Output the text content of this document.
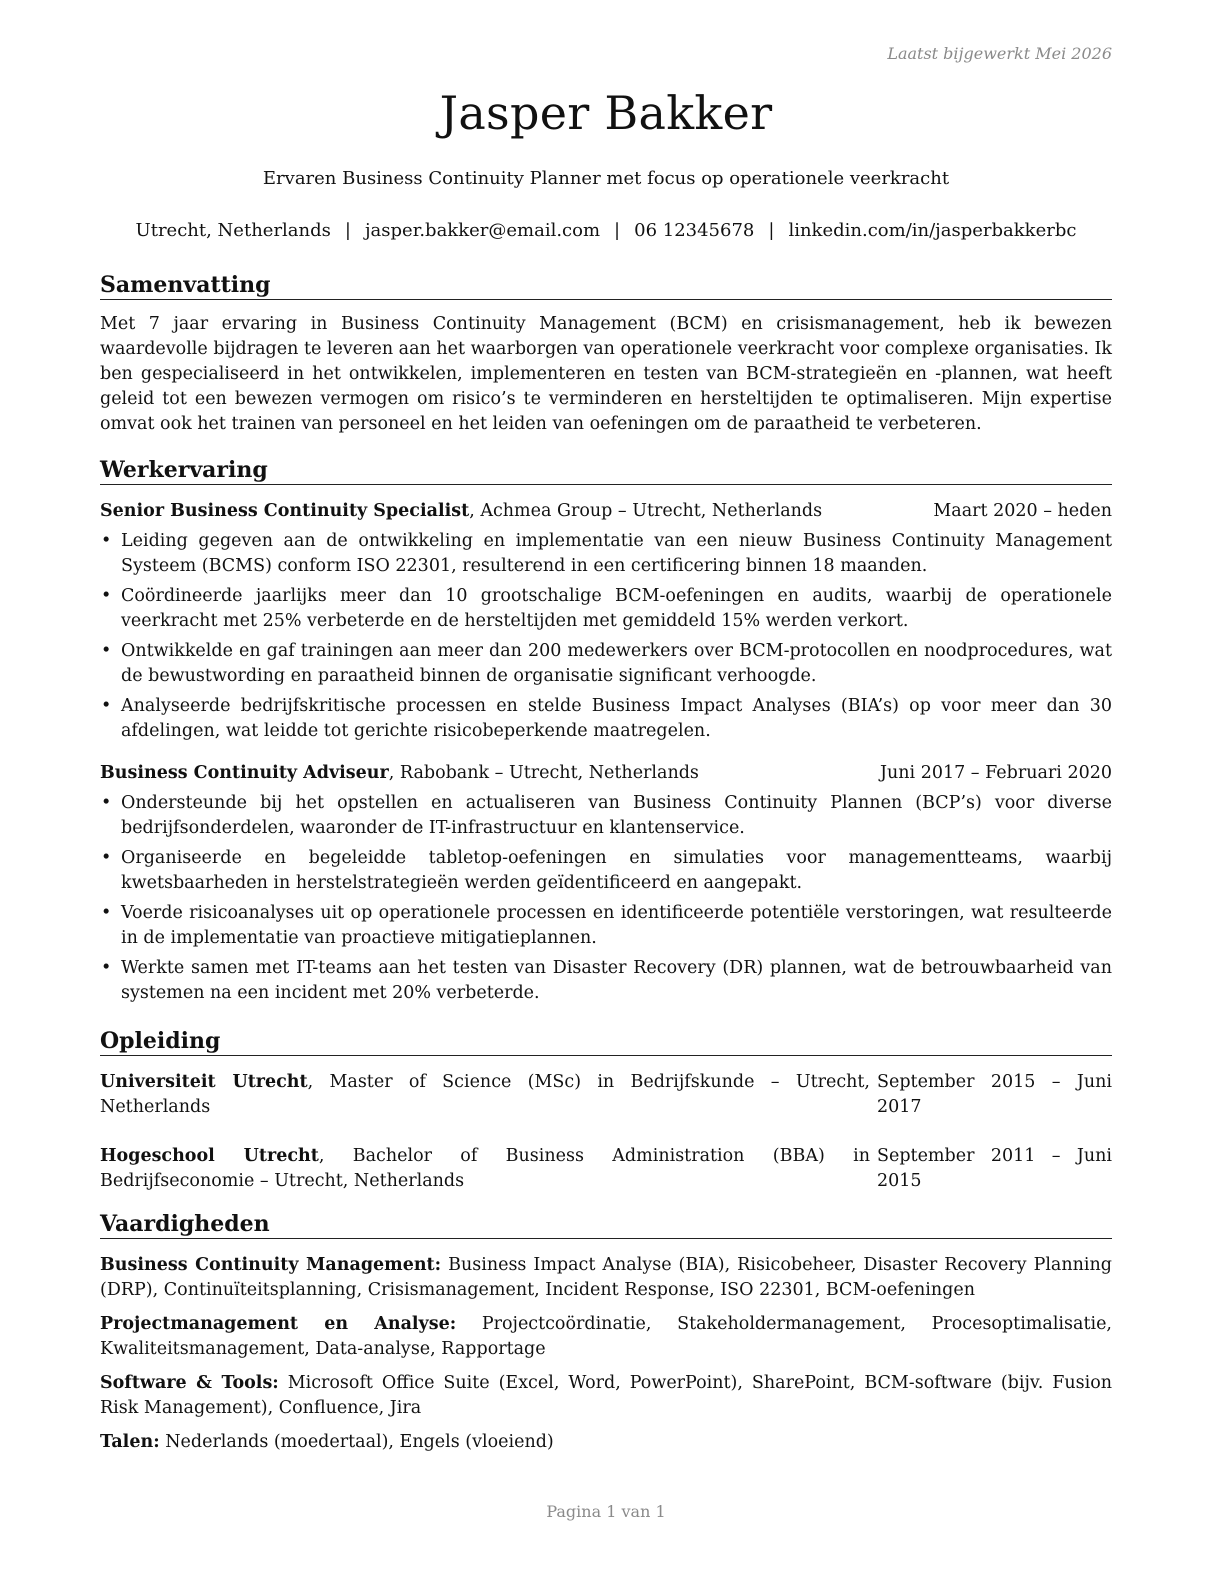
Laatst bijgewerkt Mei 2026
Jasper Bakker
Ervaren Business Continuity Planner met focus op operationele veerkracht
Utrecht, Netherlands | jasper.bakker@email.com | 06 12345678 | linkedin.com/in/jasperbakkerbc
Samenvatting
Met 7 jaar ervaring in Business Continuity Management (BCM) en crisismanagement, heb ik bewezen waardevolle bijdragen te leveren aan het waarborgen van operationele veerkracht voor complexe organisaties. Ik ben gespecialiseerd in het ontwikkelen, implementeren en testen van BCM-strategieën en -plannen, wat heeft geleid tot een bewezen vermogen om risico’s te verminderen en hersteltijden te optimaliseren. Mijn expertise omvat ook het trainen van personeel en het leiden van oefeningen om de paraatheid te verbeteren.
Werkervaring
Senior Business Continuity Specialist, Achmea Group – Utrecht, Netherlands	Maart 2020 – heden
• Leiding gegeven aan de ontwikkeling en implementatie van een nieuw Business Continuity Management Systeem (BCMS) conform ISO 22301, resulterend in een certificering binnen 18 maanden.
• Coördineerde jaarlijks meer dan 10 grootschalige BCM-oefeningen en audits, waarbij de operationele veerkracht met 25% verbeterde en de hersteltijden met gemiddeld 15% werden verkort.
• Ontwikkelde en gaf trainingen aan meer dan 200 medewerkers over BCM-protocollen en noodprocedures, wat de bewustwording en paraatheid binnen de organisatie significant verhoogde.
• Analyseerde bedrijfskritische processen en stelde Business Impact Analyses (BIA’s) op voor meer dan 30 afdelingen, wat leidde tot gerichte risicobeperkende maatregelen.
Business Continuity Adviseur, Rabobank – Utrecht, Netherlands	Juni 2017 – Februari 2020
• Ondersteunde bij het opstellen en actualiseren van Business Continuity Plannen (BCP’s) voor diverse bedrijfsonderdelen, waaronder de IT-infrastructuur en klantenservice.
• Organiseerde en begeleidde tabletop-oefeningen en simulaties voor managementteams, waarbij kwetsbaarheden in herstelstrategieën werden geïdentificeerd en aangepakt.
• Voerde risicoanalyses uit op operationele processen en identificeerde potentiële verstoringen, wat resulteerde in de implementatie van proactieve mitigatieplannen.
• Werkte samen met IT-teams aan het testen van Disaster Recovery (DR) plannen, wat de betrouwbaarheid van systemen na een incident met 20% verbeterde.
Opleiding
Universiteit Utrecht, Master of Science (MSc) in Bedrijfskunde – Utrecht, Netherlands
September 2015 – Juni 2017
Hogeschool Utrecht, Bachelor of Business Administration (BBA) in Bedrijfseconomie – Utrecht, Netherlands
September 2011 – Juni 2015
Vaardigheden
Business Continuity Management: Business Impact Analyse (BIA), Risicobeheer, Disaster Recovery Planning (DRP), Continuïteitsplanning, Crisismanagement, Incident Response, ISO 22301, BCM-oefeningen
Projectmanagement en Analyse: Projectcoördinatie, Stakeholdermanagement, Procesoptimalisatie, Kwaliteitsmanagement, Data-analyse, Rapportage
Software & Tools: Microsoft Office Suite (Excel, Word, PowerPoint), SharePoint, BCM-software (bijv. Fusion Risk Management), Confluence, Jira
Talen: Nederlands (moedertaal), Engels (vloeiend)
Pagina 1 van 1
